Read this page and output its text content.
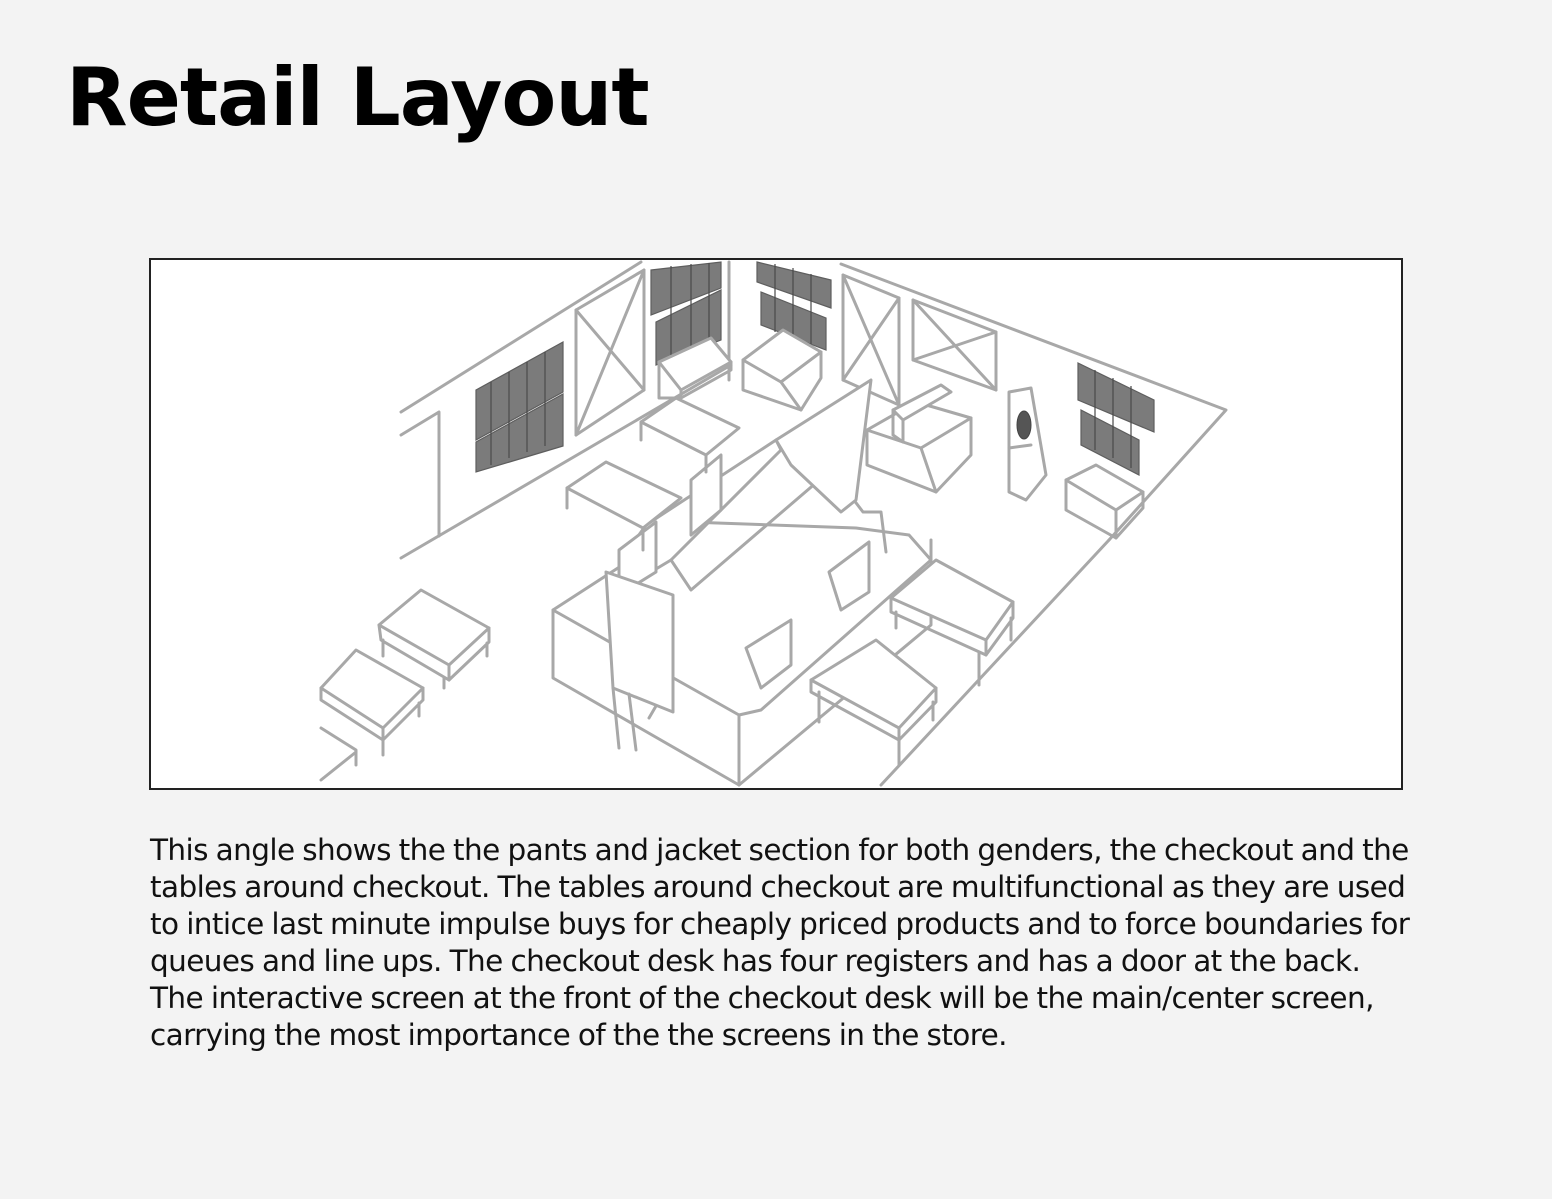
Retail Layout

This angle shows the the pants and jacket section for both genders, the checkout and the tables around checkout. The tables around checkout are multifunctional as they are used to intice last minute impulse buys for cheaply priced products and to force boundaries for queues and line ups. The checkout desk has four registers and has a door at the back. The interactive screen at the front of the checkout desk will be the main/center screen, carrying the most importance of the the screens in the store.
